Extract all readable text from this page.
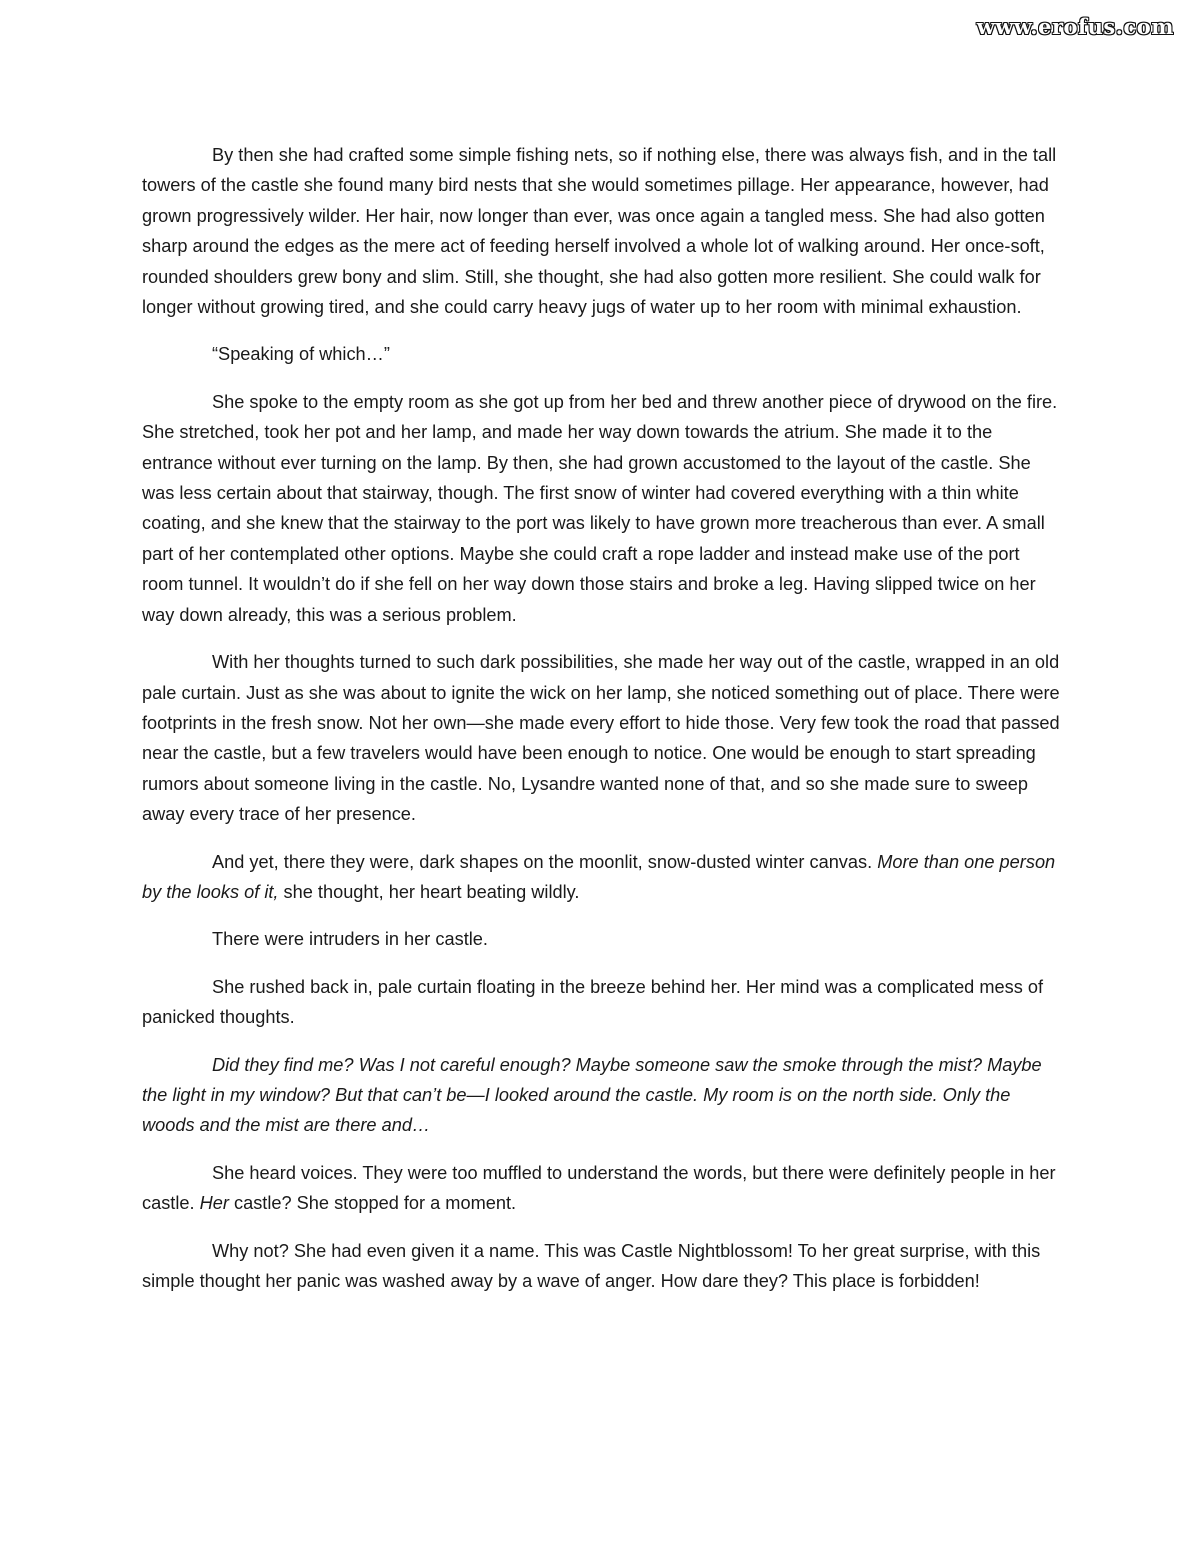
www.erofus.com

By then she had crafted some simple fishing nets, so if nothing else, there was always fish, and in the tall towers of the castle she found many bird nests that she would sometimes pillage. Her appearance, however, had grown progressively wilder. Her hair, now longer than ever, was once again a tangled mess. She had also gotten sharp around the edges as the mere act of feeding herself involved a whole lot of walking around. Her once-soft, rounded shoulders grew bony and slim. Still, she thought, she had also gotten more resilient. She could walk for longer without growing tired, and she could carry heavy jugs of water up to her room with minimal exhaustion.

“Speaking of which…”

She spoke to the empty room as she got up from her bed and threw another piece of drywood on the fire. She stretched, took her pot and her lamp, and made her way down towards the atrium. She made it to the entrance without ever turning on the lamp. By then, she had grown accustomed to the layout of the castle. She was less certain about that stairway, though. The first snow of winter had covered everything with a thin white coating, and she knew that the stairway to the port was likely to have grown more treacherous than ever. A small part of her contemplated other options. Maybe she could craft a rope ladder and instead make use of the port room tunnel. It wouldn’t do if she fell on her way down those stairs and broke a leg. Having slipped twice on her way down already, this was a serious problem.

With her thoughts turned to such dark possibilities, she made her way out of the castle, wrapped in an old pale curtain. Just as she was about to ignite the wick on her lamp, she noticed something out of place. There were footprints in the fresh snow. Not her own—she made every effort to hide those. Very few took the road that passed near the castle, but a few travelers would have been enough to notice. One would be enough to start spreading rumors about someone living in the castle. No, Lysandre wanted none of that, and so she made sure to sweep away every trace of her presence.

And yet, there they were, dark shapes on the moonlit, snow-dusted winter canvas. More than one person by the looks of it, she thought, her heart beating wildly.

There were intruders in her castle.

She rushed back in, pale curtain floating in the breeze behind her. Her mind was a complicated mess of panicked thoughts.

Did they find me? Was I not careful enough? Maybe someone saw the smoke through the mist? Maybe the light in my window? But that can’t be—I looked around the castle. My room is on the north side. Only the woods and the mist are there and…

She heard voices. They were too muffled to understand the words, but there were definitely people in her castle. Her castle? She stopped for a moment.

Why not? She had even given it a name. This was Castle Nightblossom! To her great surprise, with this simple thought her panic was washed away by a wave of anger. How dare they? This place is forbidden!
